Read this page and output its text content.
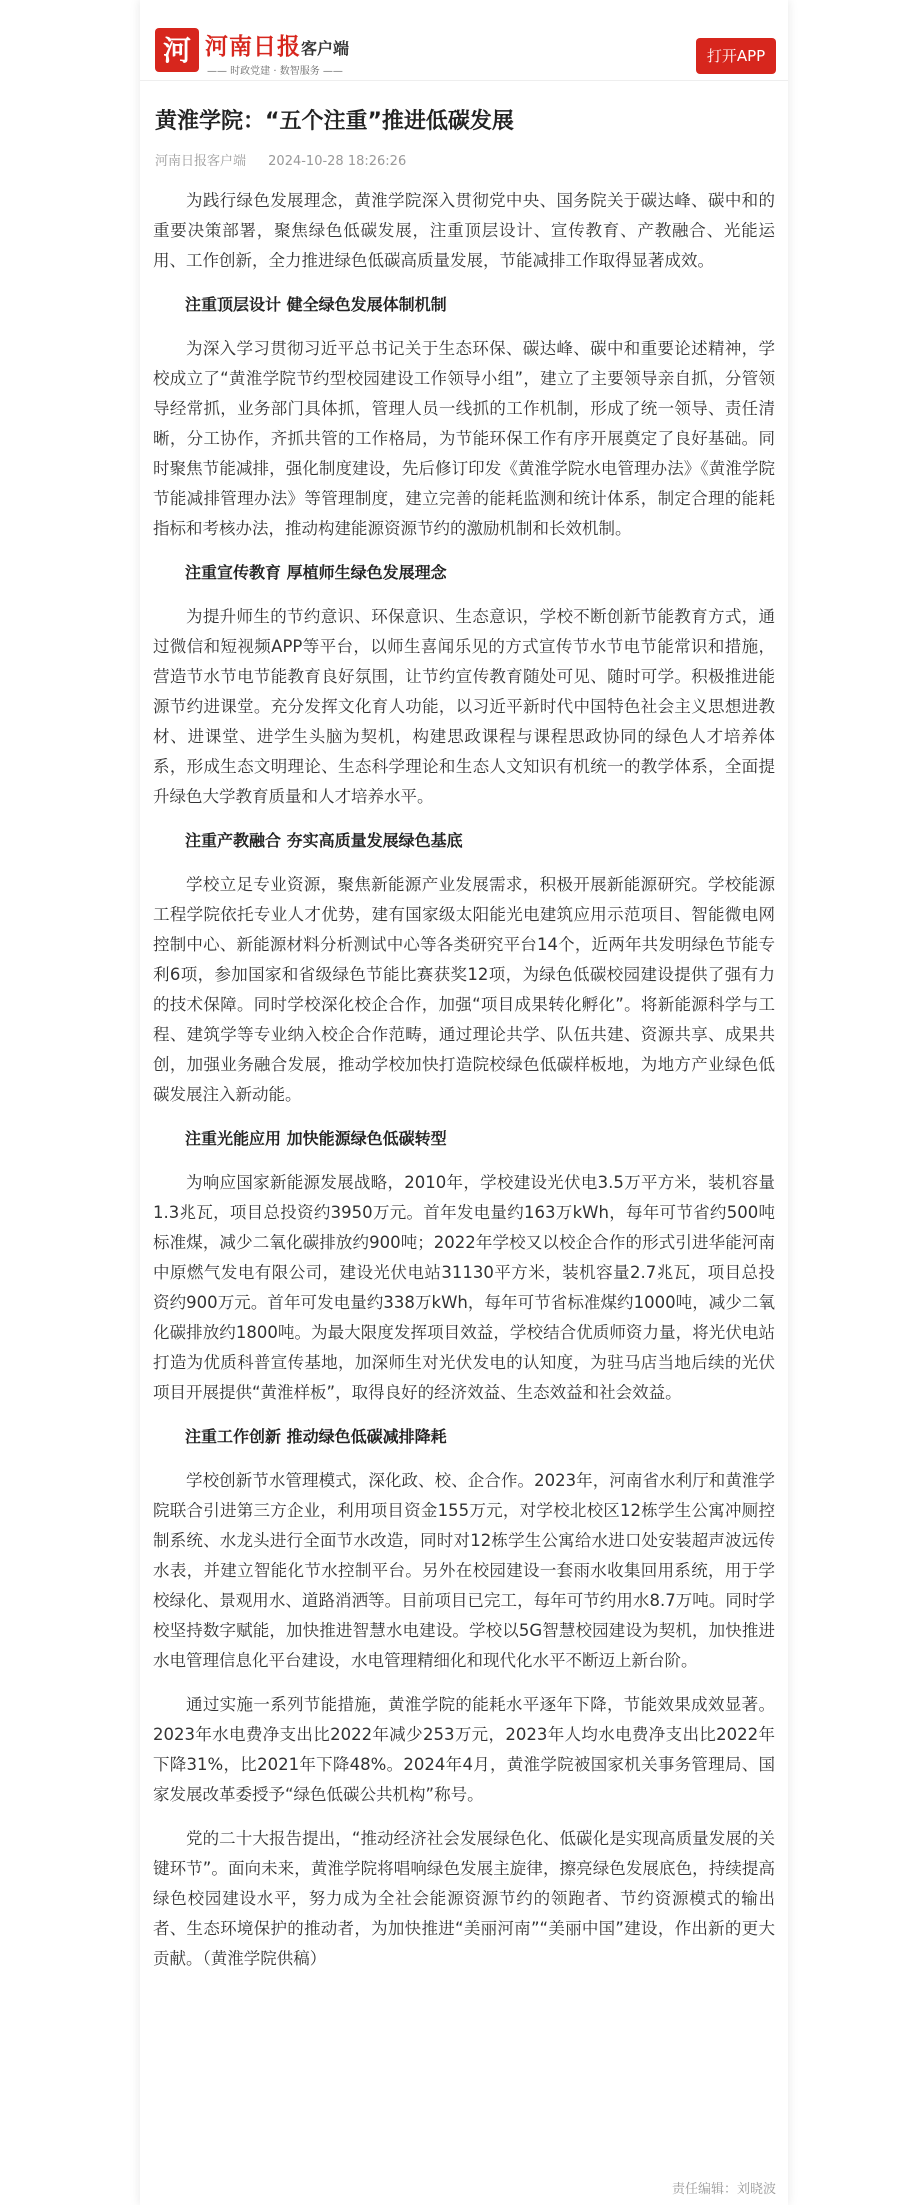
河 河南日报客户端
—— 时政党建 · 数智服务 ——
打开APP
黄淮学院：“五个注重”推进低碳发展
河南日报客户端 2024-10-28 18:26:26

为践行绿色发展理念，黄淮学院深入贯彻党中央、国务院关于碳达峰、碳中和的重要决策部署，聚焦绿色低碳发展，注重顶层设计、宣传教育、产教融合、光能运用、工作创新，全力推进绿色低碳高质量发展，节能减排工作取得显著成效。

注重顶层设计 健全绿色发展体制机制

为深入学习贯彻习近平总书记关于生态环保、碳达峰、碳中和重要论述精神，学校成立了“黄淮学院节约型校园建设工作领导小组”，建立了主要领导亲自抓，分管领导经常抓，业务部门具体抓，管理人员一线抓的工作机制，形成了统一领导、责任清晰，分工协作，齐抓共管的工作格局，为节能环保工作有序开展奠定了良好基础。同时聚焦节能减排，强化制度建设，先后修订印发《黄淮学院水电管理办法》《黄淮学院节能减排管理办法》等管理制度，建立完善的能耗监测和统计体系，制定合理的能耗指标和考核办法，推动构建能源资源节约的激励机制和长效机制。

注重宣传教育 厚植师生绿色发展理念

为提升师生的节约意识、环保意识、生态意识，学校不断创新节能教育方式，通过微信和短视频APP等平台，以师生喜闻乐见的方式宣传节水节电节能常识和措施，营造节水节电节能教育良好氛围，让节约宣传教育随处可见、随时可学。积极推进能源节约进课堂。充分发挥文化育人功能，以习近平新时代中国特色社会主义思想进教材、进课堂、进学生头脑为契机，构建思政课程与课程思政协同的绿色人才培养体系，形成生态文明理论、生态科学理论和生态人文知识有机统一的教学体系，全面提升绿色大学教育质量和人才培养水平。

注重产教融合 夯实高质量发展绿色基底

学校立足专业资源，聚焦新能源产业发展需求，积极开展新能源研究。学校能源工程学院依托专业人才优势，建有国家级太阳能光电建筑应用示范项目、智能微电网控制中心、新能源材料分析测试中心等各类研究平台14个，近两年共发明绿色节能专利6项，参加国家和省级绿色节能比赛获奖12项，为绿色低碳校园建设提供了强有力的技术保障。同时学校深化校企合作，加强“项目成果转化孵化”。将新能源科学与工程、建筑学等专业纳入校企合作范畴，通过理论共学、队伍共建、资源共享、成果共创，加强业务融合发展，推动学校加快打造院校绿色低碳样板地，为地方产业绿色低碳发展注入新动能。

注重光能应用 加快能源绿色低碳转型

为响应国家新能源发展战略，2010年，学校建设光伏电3.5万平方米，装机容量1.3兆瓦，项目总投资约3950万元。首年发电量约163万kWh，每年可节省约500吨标准煤，减少二氧化碳排放约900吨；2022年学校又以校企合作的形式引进华能河南中原燃气发电有限公司，建设光伏电站31130平方米，装机容量2.7兆瓦，项目总投资约900万元。首年可发电量约338万kWh，每年可节省标准煤约1000吨，减少二氧化碳排放约1800吨。为最大限度发挥项目效益，学校结合优质师资力量，将光伏电站打造为优质科普宣传基地，加深师生对光伏发电的认知度，为驻马店当地后续的光伏项目开展提供“黄淮样板”，取得良好的经济效益、生态效益和社会效益。

注重工作创新 推动绿色低碳减排降耗

学校创新节水管理模式，深化政、校、企合作。2023年，河南省水利厅和黄淮学院联合引进第三方企业，利用项目资金155万元，对学校北校区12栋学生公寓冲厕控制系统、水龙头进行全面节水改造，同时对12栋学生公寓给水进口处安装超声波远传水表，并建立智能化节水控制平台。另外在校园建设一套雨水收集回用系统，用于学校绿化、景观用水、道路消洒等。目前项目已完工，每年可节约用水8.7万吨。同时学校坚持数字赋能，加快推进智慧水电建设。学校以5G智慧校园建设为契机，加快推进水电管理信息化平台建设，水电管理精细化和现代化水平不断迈上新台阶。

通过实施一系列节能措施，黄淮学院的能耗水平逐年下降，节能效果成效显著。2023年水电费净支出比2022年减少253万元，2023年人均水电费净支出比2022年下降31%，比2021年下降48%。2024年4月，黄淮学院被国家机关事务管理局、国家发展改革委授予“绿色低碳公共机构”称号。

党的二十大报告提出，“推动经济社会发展绿色化、低碳化是实现高质量发展的关键环节”。面向未来，黄淮学院将唱响绿色发展主旋律，擦亮绿色发展底色，持续提高绿色校园建设水平，努力成为全社会能源资源节约的领跑者、节约资源模式的输出者、生态环境保护的推动者，为加快推进“美丽河南”“美丽中国”建设，作出新的更大贡献。（黄淮学院供稿）

责任编辑：刘晓波
